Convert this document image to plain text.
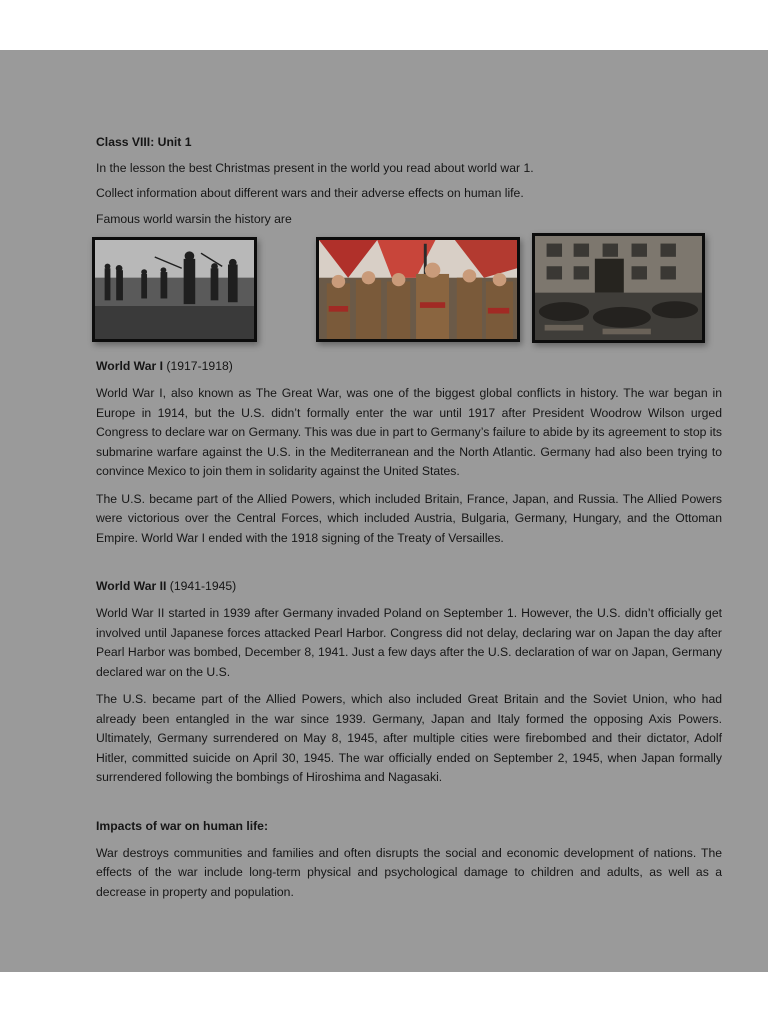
Class VIII: Unit 1

In the lesson the best Christmas present in the world you read about world war 1.

Collect information about different wars and their adverse effects on human life.

Famous world warsin the history are

World War I (1917-1918)

World War I, also known as The Great War, was one of the biggest global conflicts in history. The war began in Europe in 1914, but the U.S. didn’t formally enter the war until 1917 after President Woodrow Wilson urged Congress to declare war on Germany. This was due in part to Germany’s failure to abide by its agreement to stop its submarine warfare against the U.S. in the Mediterranean and the North Atlantic. Germany had also been trying to convince Mexico to join them in solidarity against the United States.

The U.S. became part of the Allied Powers, which included Britain, France, Japan, and Russia. The Allied Powers were victorious over the Central Forces, which included Austria, Bulgaria, Germany, Hungary, and the Ottoman Empire. World War I ended with the 1918 signing of the Treaty of Versailles.

World War II (1941-1945)

World War II started in 1939 after Germany invaded Poland on September 1. However, the U.S. didn’t officially get involved until Japanese forces attacked Pearl Harbor. Congress did not delay, declaring war on Japan the day after Pearl Harbor was bombed, December 8, 1941. Just a few days after the U.S. declaration of war on Japan, Germany declared war on the U.S.

The U.S. became part of the Allied Powers, which also included Great Britain and the Soviet Union, who had already been entangled in the war since 1939. Germany, Japan and Italy formed the opposing Axis Powers. Ultimately, Germany surrendered on May 8, 1945, after multiple cities were firebombed and their dictator, Adolf Hitler, committed suicide on April 30, 1945. The war officially ended on September 2, 1945, when Japan formally surrendered following the bombings of Hiroshima and Nagasaki.

Impacts of war on human life:

War destroys communities and families and often disrupts the social and economic development of nations. The effects of the war include long-term physical and psychological damage to children and adults, as well as a decrease in property and population.
